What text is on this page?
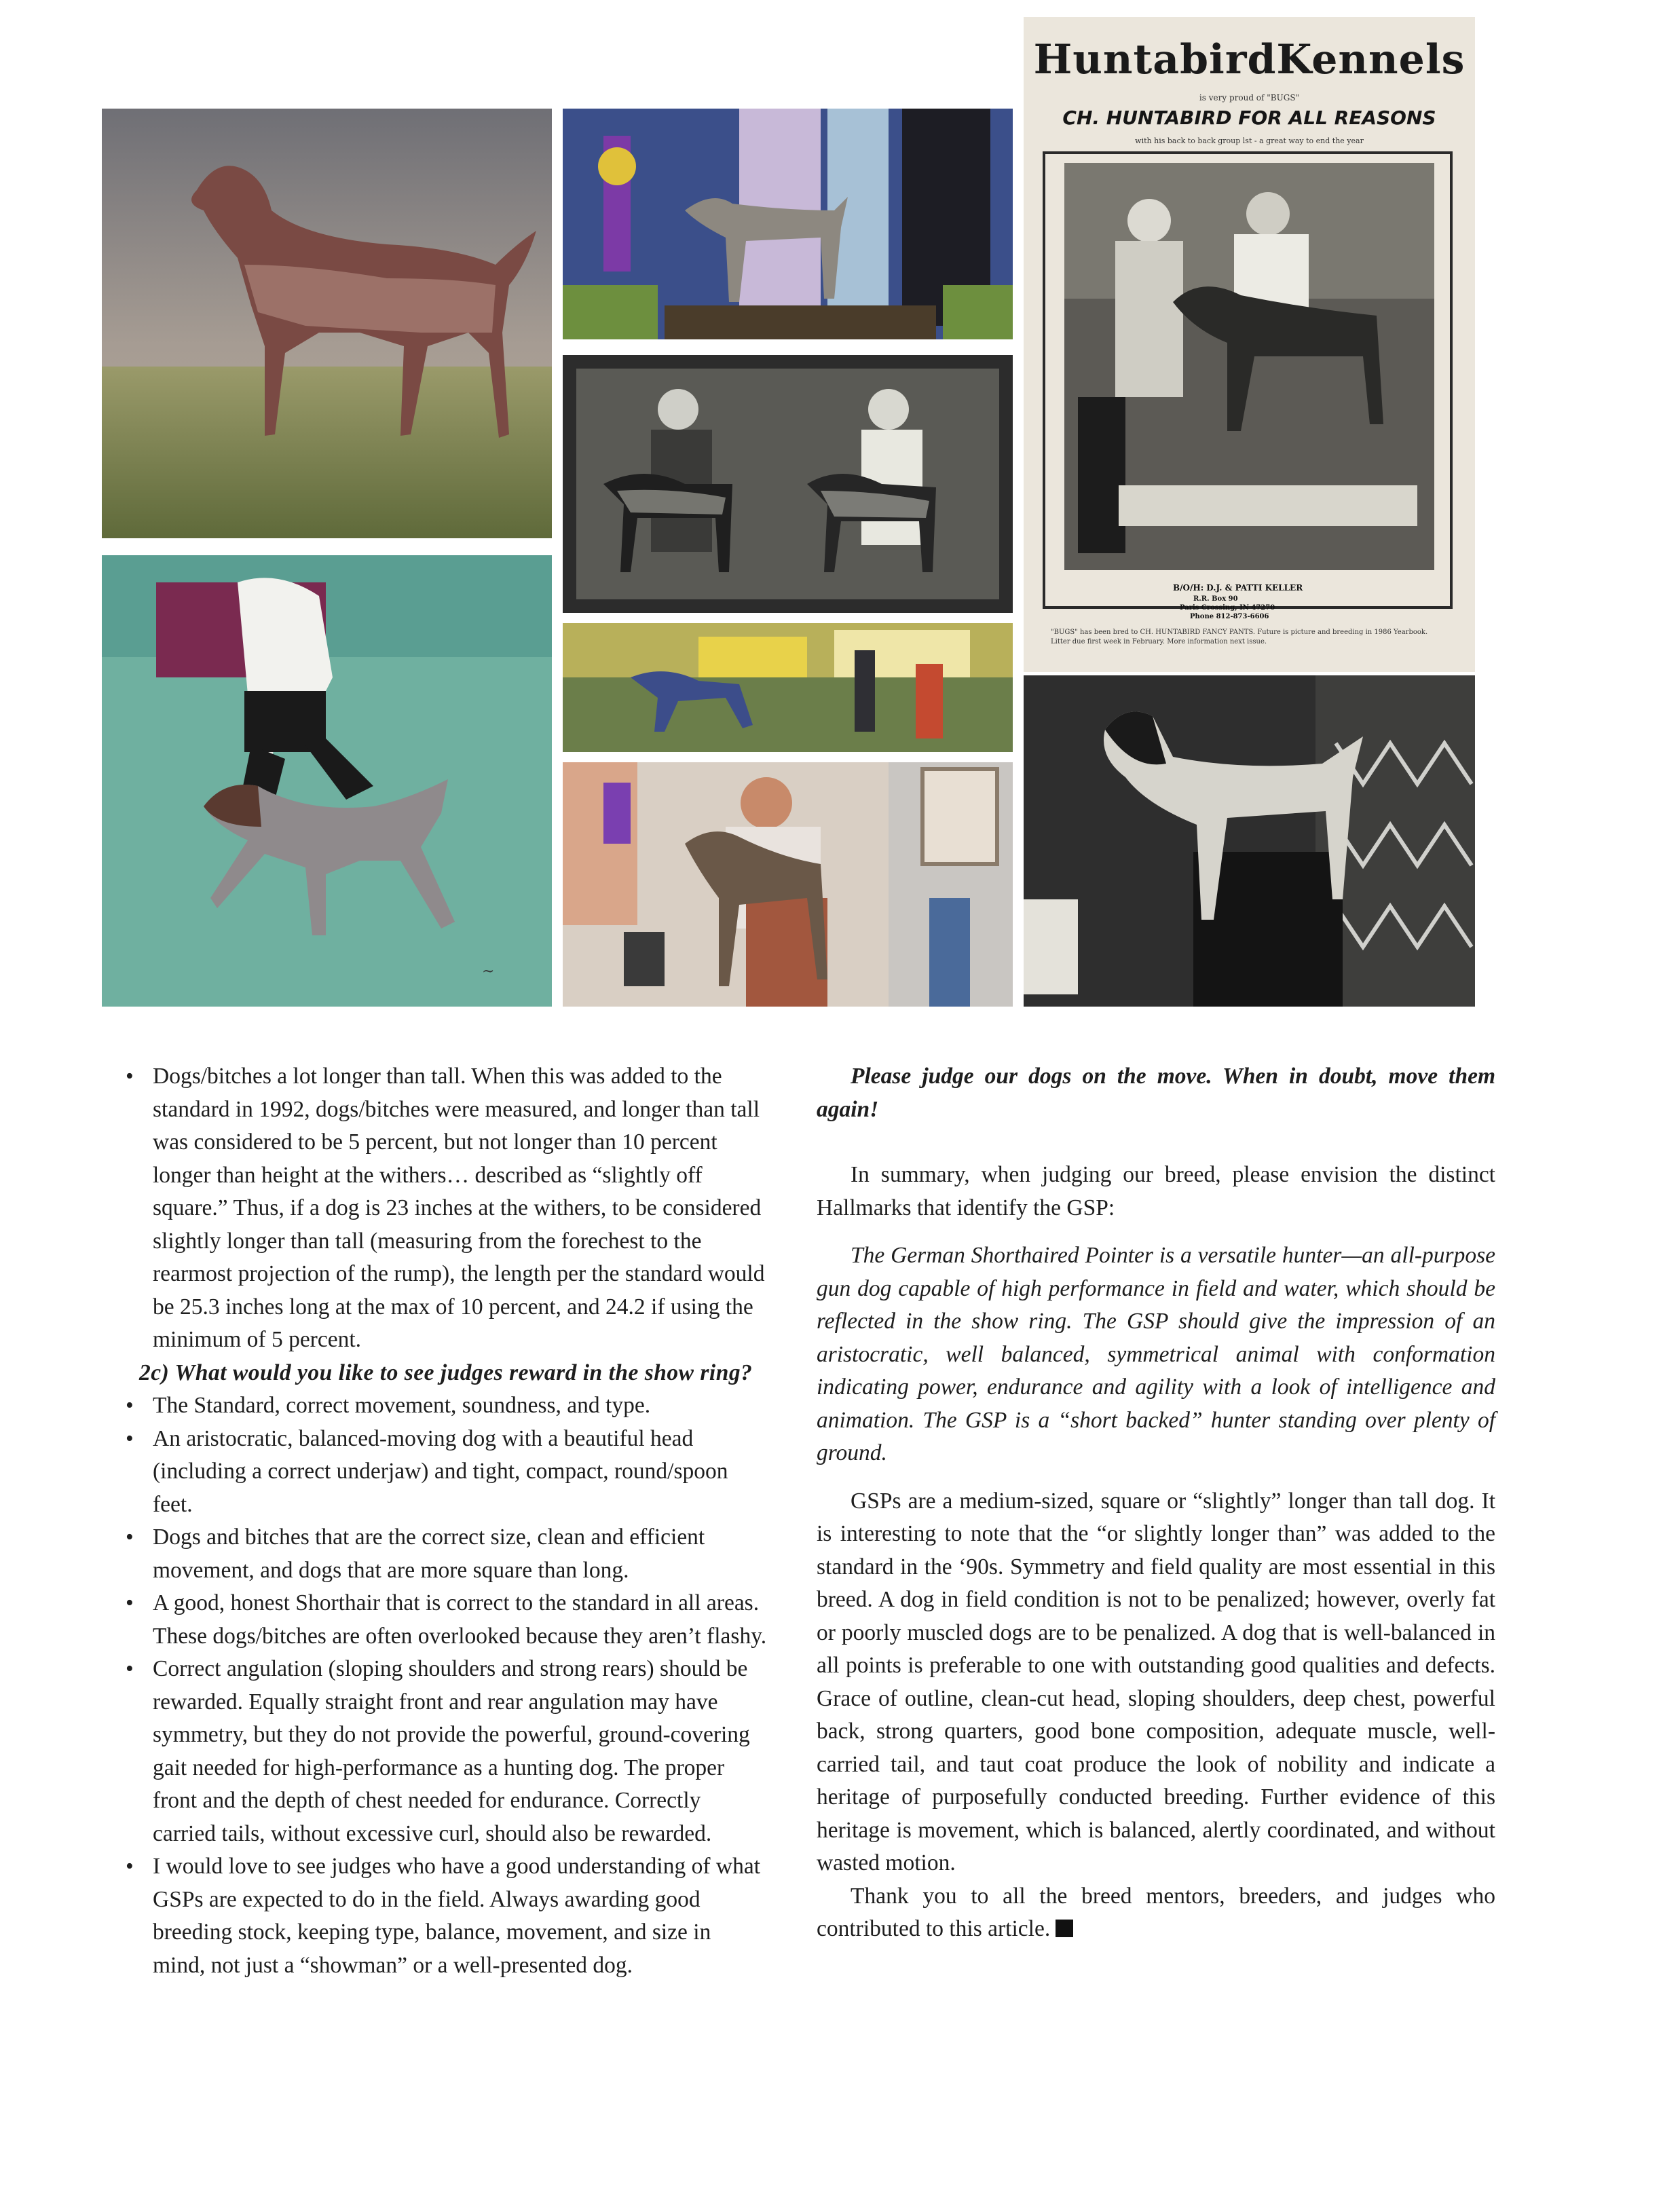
~
B/O/H: D.J. & PATTI KELLER
R.R. Box 90
Paris Crossing, IN 47270
Phone 812-873-6606
HuntabirdKennels
is very proud of "BUGS"
CH. HUNTABIRD FOR ALL REASONS
with his back to back group lst - a great way to end the year
"BUGS" has been bred to CH. HUNTABIRD FANCY PANTS. Future is picture and breeding in 1986 Yearbook. Litter due first week in February. More information next issue.
• Dogs/bitches a lot longer than tall. When this was added to the standard in 1992, dogs/bitches were measured, and longer than tall was considered to be 5 percent, but not longer than 10 percent longer than height at the withers… described as “slightly off square.” Thus, if a dog is 23 inches at the withers, to be considered slightly longer than tall (measuring from the forechest to the rearmost projection of the rump), the length per the standard would be 25.3 inches long at the max of 10 percent, and 24.2 if using the minimum of 5 percent.

2c) What would you like to see judges reward in the show ring?

• The Standard, correct movement, soundness, and type.
• An aristocratic, balanced-moving dog with a beautiful head (including a correct underjaw) and tight, compact, round/spoon feet.
• Dogs and bitches that are the correct size, clean and efficient movement, and dogs that are more square than long.
• A good, honest Shorthair that is correct to the standard in all areas. These dogs/bitches are often overlooked because they aren’t flashy.
• Correct angulation (sloping shoulders and strong rears) should be rewarded. Equally straight front and rear angulation may have symmetry, but they do not provide the powerful, ground-covering gait needed for high-performance as a hunting dog. The proper front and the depth of chest needed for endurance. Correctly carried tails, without excessive curl, should also be rewarded.
• I would love to see judges who have a good understanding of what GSPs are expected to do in the field. Always awarding good breeding stock, keeping type, balance, movement, and size in mind, not just a “showman” or a well-presented dog.

Please judge our dogs on the move. When in doubt, move them again!

In summary, when judging our breed, please envision the distinct Hallmarks that identify the GSP:

The German Shorthaired Pointer is a versatile hunter—an all-purpose gun dog capable of high performance in field and water, which should be reflected in the show ring. The GSP should give the impression of an aristocratic, well balanced, symmetrical animal with conformation indicating power, endurance and agility with a look of intelligence and animation. The GSP is a “short backed” hunter standing over plenty of ground.

GSPs are a medium-sized, square or “slightly” longer than tall dog. It is interesting to note that the “or slightly longer than” was added to the standard in the ‘90s. Symmetry and field quality are most essential in this breed. A dog in field condition is not to be penalized; however, overly fat or poorly muscled dogs are to be penalized. A dog that is well-balanced in all points is preferable to one with outstanding good qualities and defects. Grace of outline, clean-cut head, sloping shoulders, deep chest, powerful back, strong quarters, good bone composition, adequate muscle, well-carried tail, and taut coat produce the look of nobility and indicate a heritage of purposefully conducted breeding. Further evidence of this heritage is movement, which is balanced, alertly coordinated, and without wasted motion.

Thank you to all the breed mentors, breeders, and judges who contributed to this article.
